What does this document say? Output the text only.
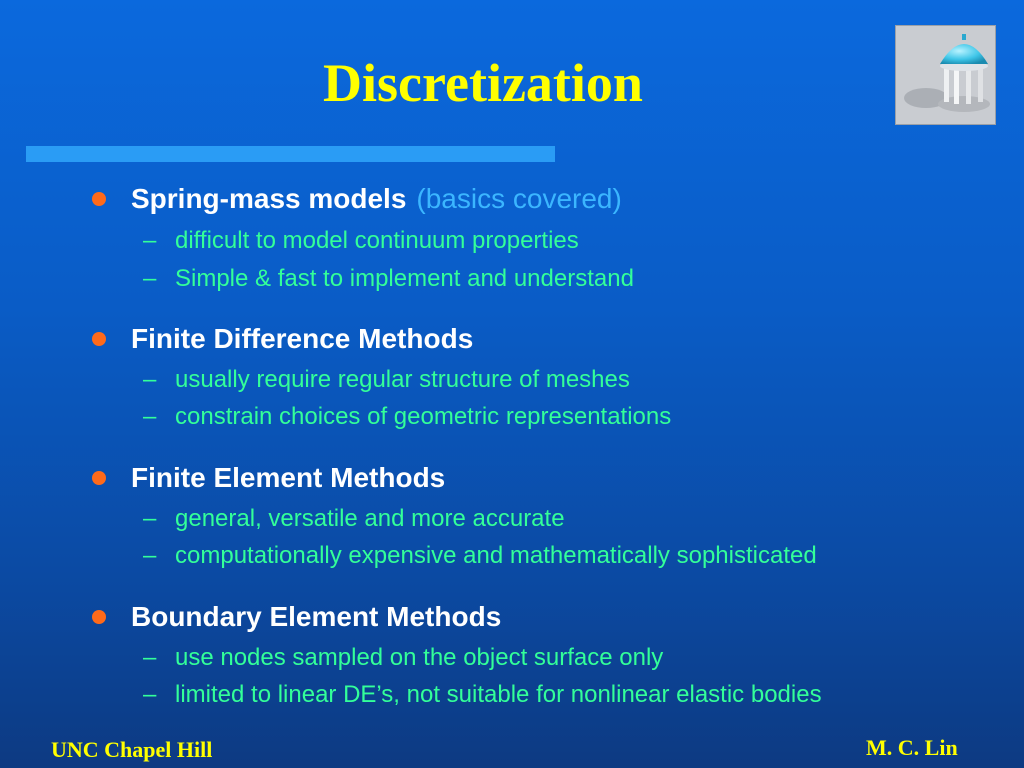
Discretization
Spring-mass models (basics covered)
– difficult to model continuum properties
– Simple & fast to implement and understand
Finite Difference Methods
– usually require regular structure of meshes
– constrain choices of geometric representations
Finite Element Methods
– general, versatile and more accurate
– computationally expensive and mathematically sophisticated
Boundary Element Methods
– use nodes sampled on the object surface only
– limited to linear DE’s, not suitable for nonlinear elastic bodies
UNC Chapel Hill	M. C. Lin
